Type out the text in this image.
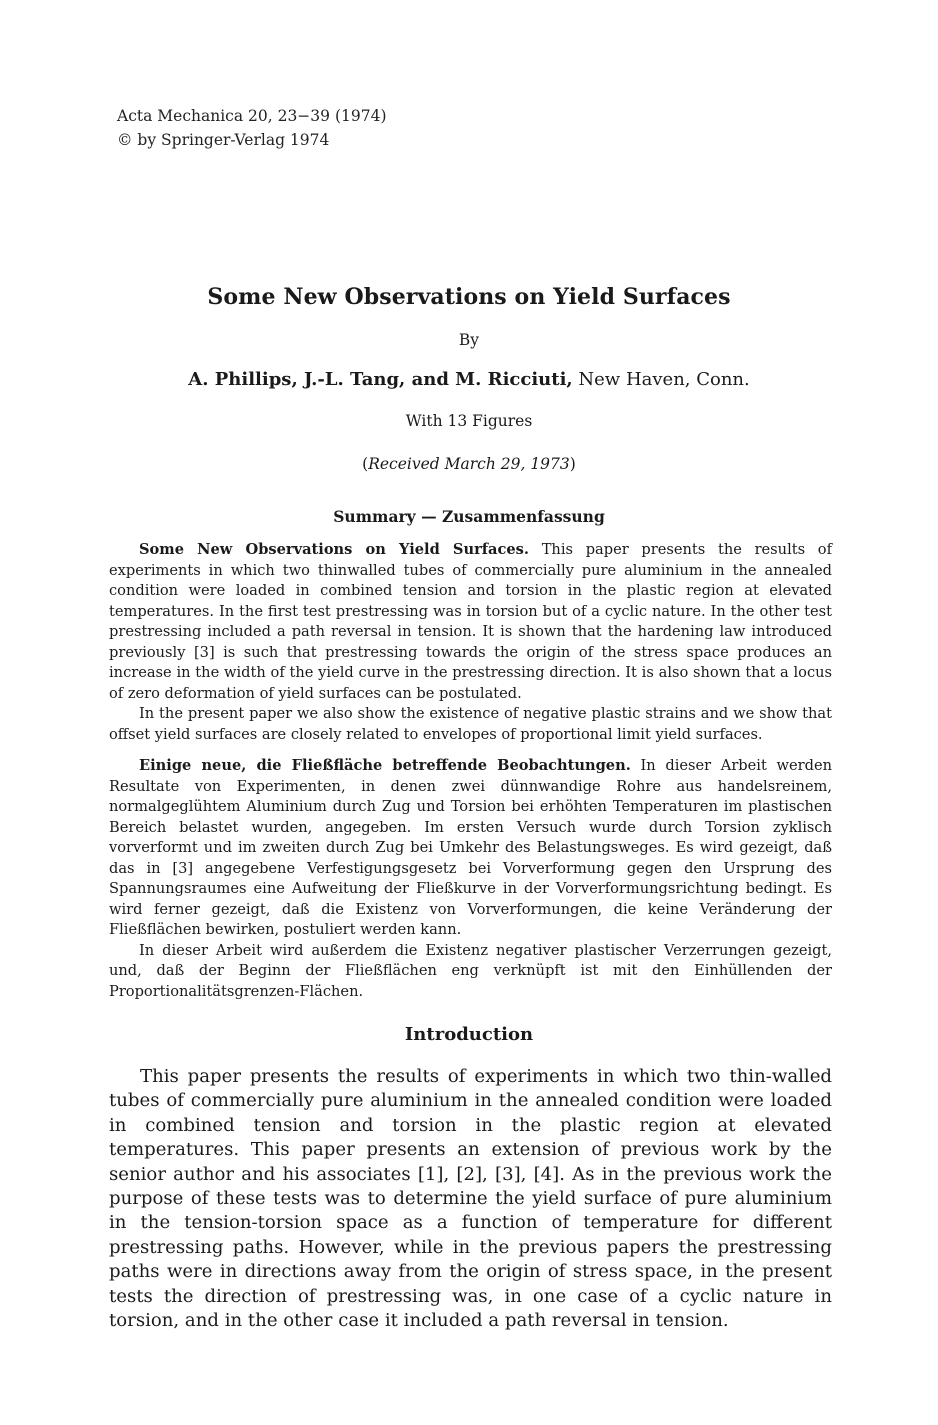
Acta Mechanica 20, 23−39 (1974)
© by Springer-Verlag 1974
Some New Observations on Yield Surfaces
By
A. Phillips, J.-L. Tang, and M. Ricciuti, New Haven, Conn.
With 13 Figures
(Received March 29, 1973)
Summary — Zusammenfassung

Some New Observations on Yield Surfaces. This paper presents the results of experiments in which two thinwalled tubes of commercially pure aluminium in the annealed condition were loaded in combined tension and torsion in the plastic region at elevated temperatures. In the first test prestressing was in torsion but of a cyclic nature. In the other test prestressing included a path reversal in tension. It is shown that the hardening law introduced previously [3] is such that prestressing towards the origin of the stress space produces an increase in the width of the yield curve in the prestressing direction. It is also shown that a locus of zero deformation of yield surfaces can be postulated.

In the present paper we also show the existence of negative plastic strains and we show that offset yield surfaces are closely related to envelopes of proportional limit yield surfaces.

Einige neue, die Fließfläche betreffende Beobachtungen. In dieser Arbeit werden Resultate von Experimenten, in denen zwei dünnwandige Rohre aus handelsreinem, normalgeglühtem Aluminium durch Zug und Torsion bei erhöhten Temperaturen im plastischen Bereich belastet wurden, angegeben. Im ersten Versuch wurde durch Torsion zyklisch vorverformt und im zweiten durch Zug bei Umkehr des Belastungsweges. Es wird gezeigt, daß das in [3] angegebene Verfestigungsgesetz bei Vorverformung gegen den Ursprung des Spannungsraumes eine Aufweitung der Fließkurve in der Vorverformungsrichtung bedingt. Es wird ferner gezeigt, daß die Existenz von Vorverformungen, die keine Veränderung der Fließflächen bewirken, postuliert werden kann.

In dieser Arbeit wird außerdem die Existenz negativer plastischer Verzerrungen gezeigt, und, daß der Beginn der Fließflächen eng verknüpft ist mit den Einhüllenden der Proportionalitätsgrenzen-Flächen.

Introduction

This paper presents the results of experiments in which two thin-walled tubes of commercially pure aluminium in the annealed condition were loaded in combined tension and torsion in the plastic region at elevated temperatures. This paper presents an extension of previous work by the senior author and his associates [1], [2], [3], [4]. As in the previous work the purpose of these tests was to determine the yield surface of pure aluminium in the tension-torsion space as a function of temperature for different prestressing paths. However, while in the previous papers the prestressing paths were in directions away from the origin of stress space, in the present tests the direction of prestressing was, in one case of a cyclic nature in torsion, and in the other case it included a path reversal in tension.
